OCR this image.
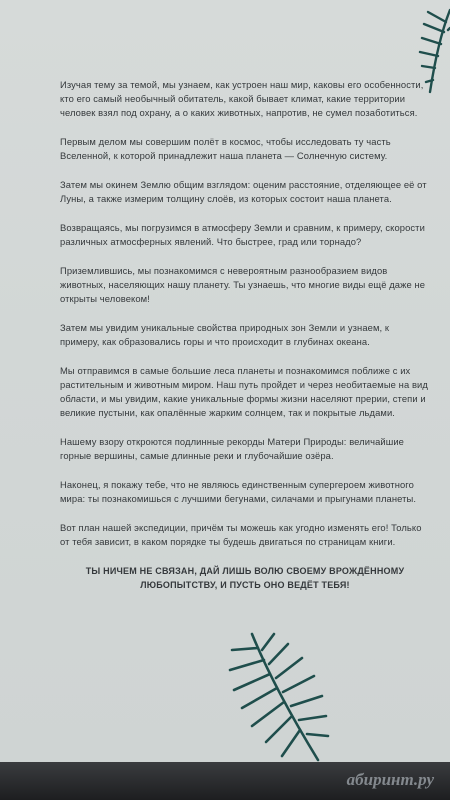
Изучая тему за темой, мы узнаем, как устроен наш мир, каковы его особенности, кто его самый необычный обитатель, какой бывает климат, какие территории человек взял под охрану, а о каких животных, напротив, не сумел позаботиться.

Первым делом мы совершим полёт в космос, чтобы исследовать ту часть Вселенной, к которой принадлежит наша планета — Солнечную систему.

Затем мы окинем Землю общим взглядом: оценим расстояние, отделяющее её от Луны, а также измерим толщину слоёв, из которых состоит наша планета.

Возвращаясь, мы погрузимся в атмосферу Земли и сравним, к примеру, скорости различных атмосферных явлений. Что быстрее, град или торнадо?

Приземлившись, мы познакомимся с невероятным разнообразием видов животных, населяющих нашу планету. Ты узнаешь, что многие виды ещё даже не открыты человеком!

Затем мы увидим уникальные свойства природных зон Земли и узнаем, к примеру, как образовались горы и что происходит в глубинах океана.

Мы отправимся в самые большие леса планеты и познакомимся поближе с их растительным и животным миром. Наш путь пройдет и через необитаемые на вид области, и мы увидим, какие уникальные формы жизни населяют прерии, степи и великие пустыни, как опалённые жарким солнцем, так и покрытые льдами.

Нашему взору откроются подлинные рекорды Матери Природы: величайшие горные вершины, самые длинные реки и глубочайшие озёра.

Наконец, я покажу тебе, что не являюсь единственным супергероем животного мира: ты познакомишься с лучшими бегунами, силачами и прыгунами планеты.

Вот план нашей экспедиции, причём ты можешь как угодно изменять его! Только от тебя зависит, в каком порядке ты будешь двигаться по страницам книги.

ТЫ НИЧЕМ НЕ СВЯЗАН, ДАЙ ЛИШЬ ВОЛЮ СВОЕМУ ВРОЖДЁННОМУ ЛЮБОПЫТСТВУ, И ПУСТЬ ОНО ВЕДЁТ ТЕБЯ!

абиринт.ру
